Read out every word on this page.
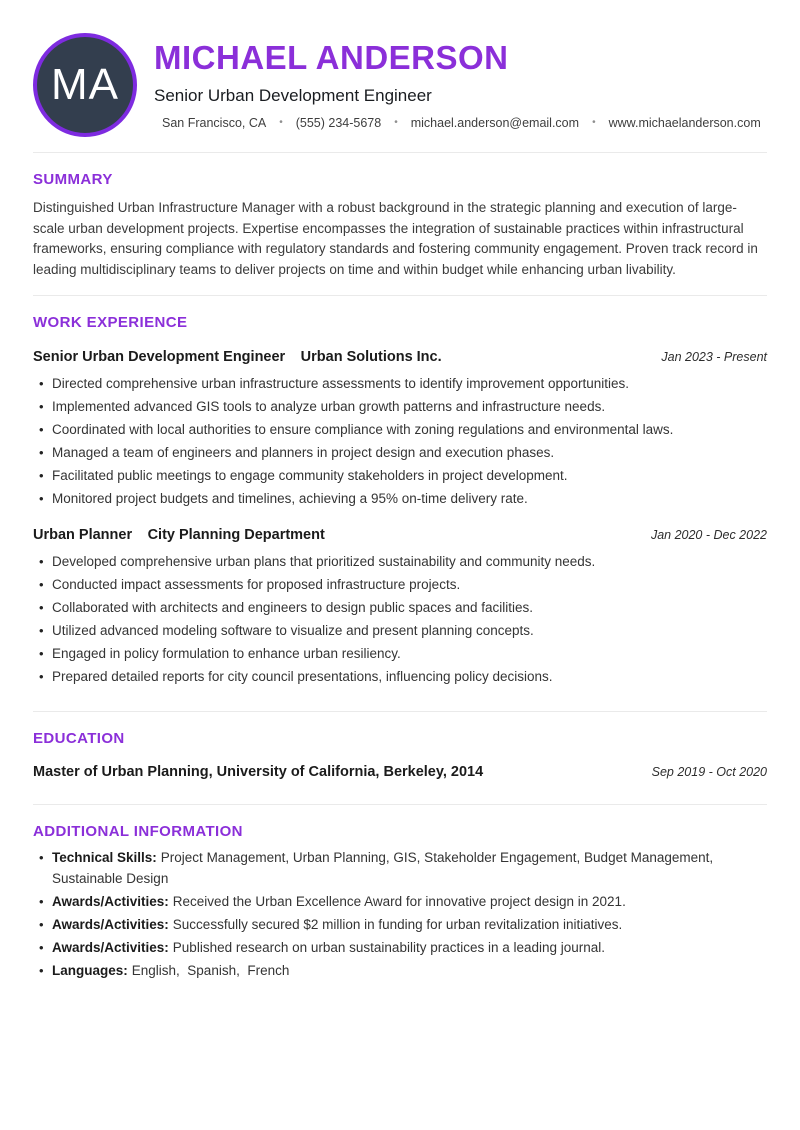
MA
MICHAEL ANDERSON
Senior Urban Development Engineer
San Francisco, CA • (555) 234-5678 • michael.anderson@email.com • www.michaelanderson.com
SUMMARY

Distinguished Urban Infrastructure Manager with a robust background in the strategic planning and execution of large-scale urban development projects. Expertise encompasses the integration of sustainable practices within infrastructural frameworks, ensuring compliance with regulatory standards and fostering community engagement. Proven track record in leading multidisciplinary teams to deliver projects on time and within budget while enhancing urban livability.

WORK EXPERIENCE
Senior Urban Development Engineer Urban Solutions Inc.	Jan 2023 - Present
• Directed comprehensive urban infrastructure assessments to identify improvement opportunities.
• Implemented advanced GIS tools to analyze urban growth patterns and infrastructure needs.
• Coordinated with local authorities to ensure compliance with zoning regulations and environmental laws.
• Managed a team of engineers and planners in project design and execution phases.
• Facilitated public meetings to engage community stakeholders in project development.
• Monitored project budgets and timelines, achieving a 95% on-time delivery rate.
Urban Planner City Planning Department	Jan 2020 - Dec 2022
• Developed comprehensive urban plans that prioritized sustainability and community needs.
• Conducted impact assessments for proposed infrastructure projects.
• Collaborated with architects and engineers to design public spaces and facilities.
• Utilized advanced modeling software to visualize and present planning concepts.
• Engaged in policy formulation to enhance urban resiliency.
• Prepared detailed reports for city council presentations, influencing policy decisions.
EDUCATION
Master of Urban Planning, University of California, Berkeley, 2014	Sep 2019 - Oct 2020
ADDITIONAL INFORMATION
• Technical Skills: Project Management, Urban Planning, GIS, Stakeholder Engagement, Budget Management, Sustainable Design
• Awards/Activities: Received the Urban Excellence Award for innovative project design in 2021.
• Awards/Activities: Successfully secured $2 million in funding for urban revitalization initiatives.
• Awards/Activities: Published research on urban sustainability practices in a leading journal.
• Languages: English,  Spanish,  French
